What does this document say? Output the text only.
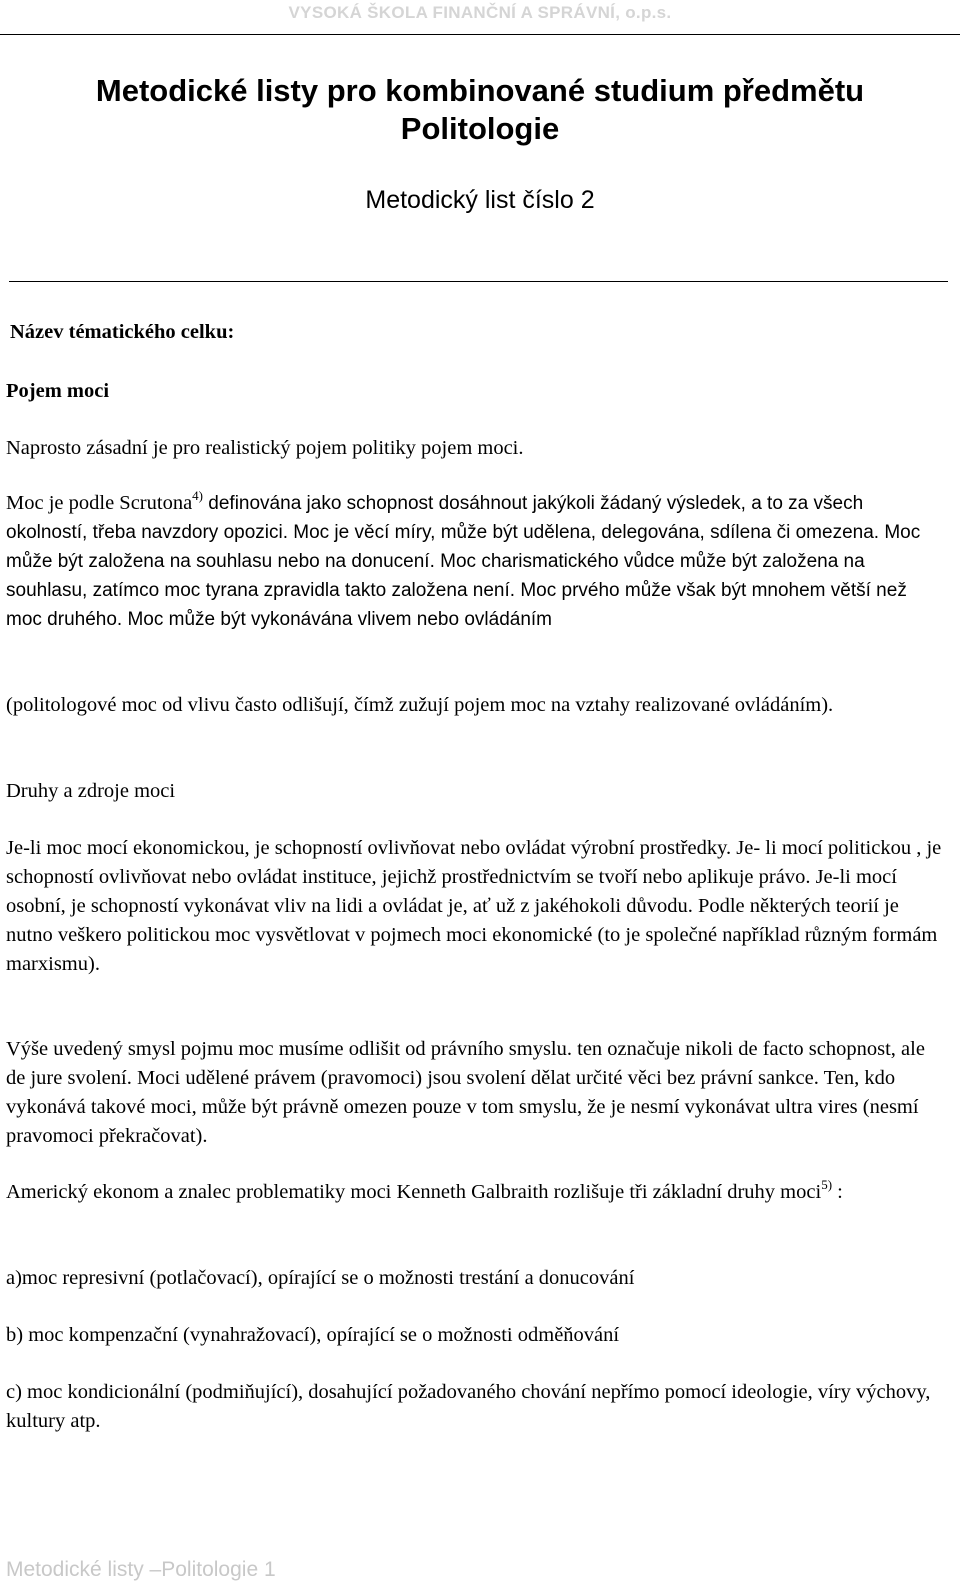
VYSOKÁ ŠKOLA FINANČNÍ A SPRÁVNÍ, o.p.s.
Metodické listy pro kombinované studium předmětu
Politologie
Metodický list číslo 2

Název tématického celku:

Pojem moci

Naprosto zásadní je pro realistický pojem politiky pojem moci.

Moc je podle Scrutona$^{4)}$ definována jako schopnost dosáhnout jakýkoli žádaný výsledek, a to za všech okolností, třeba navzdory opozici. Moc je věcí míry, může být udělena, delegována, sdílena či omezena. Moc může být založena na souhlasu nebo na donucení. Moc charismatického vůdce může být založena na souhlasu, zatímco moc tyrana zpravidla takto založena není. Moc prvého může však být mnohem větší než moc druhého. Moc může být vykonávána vlivem nebo ovládáním

(politologové moc od vlivu často odlišují, čímž zužují pojem moc na vztahy realizované ovládáním).

Druhy a zdroje moci

Je-li moc mocí ekonomickou, je schopností ovlivňovat nebo ovládat výrobní prostředky. Je- li mocí politickou , je schopností ovlivňovat nebo ovládat instituce, jejichž prostřednictvím se tvoří nebo aplikuje právo. Je-li mocí osobní, je schopností vykonávat vliv na lidi a ovládat je, ať už z jakéhokoli důvodu. Podle některých teorií je nutno veškero politickou moc vysvětlovat v pojmech moci ekonomické (to je společné například různým formám marxismu).

Výše uvedený smysl pojmu moc musíme odlišit od právního smyslu. ten označuje nikoli de facto schopnost, ale de jure svolení. Moci udělené právem (pravomoci) jsou svolení dělat určité věci bez právní sankce. Ten, kdo vykonává takové moci, může být právně omezen pouze v tom smyslu, že je nesmí vykonávat ultra vires (nesmí pravomoci překračovat).

Americký ekonom a znalec problematiky moci Kenneth Galbraith rozlišuje tři základní druhy moci$^{5)}$ :

a)moc represivní (potlačovací), opírající se o možnosti trestání a donucování

b) moc kompenzační (vynahražovací), opírající se o možnosti odměňování

c) moc kondicionální (podmiňující), dosahující požadovaného chování nepřímo pomocí ideologie, víry výchovy, kultury atp.

Metodické listy –Politologie 1
